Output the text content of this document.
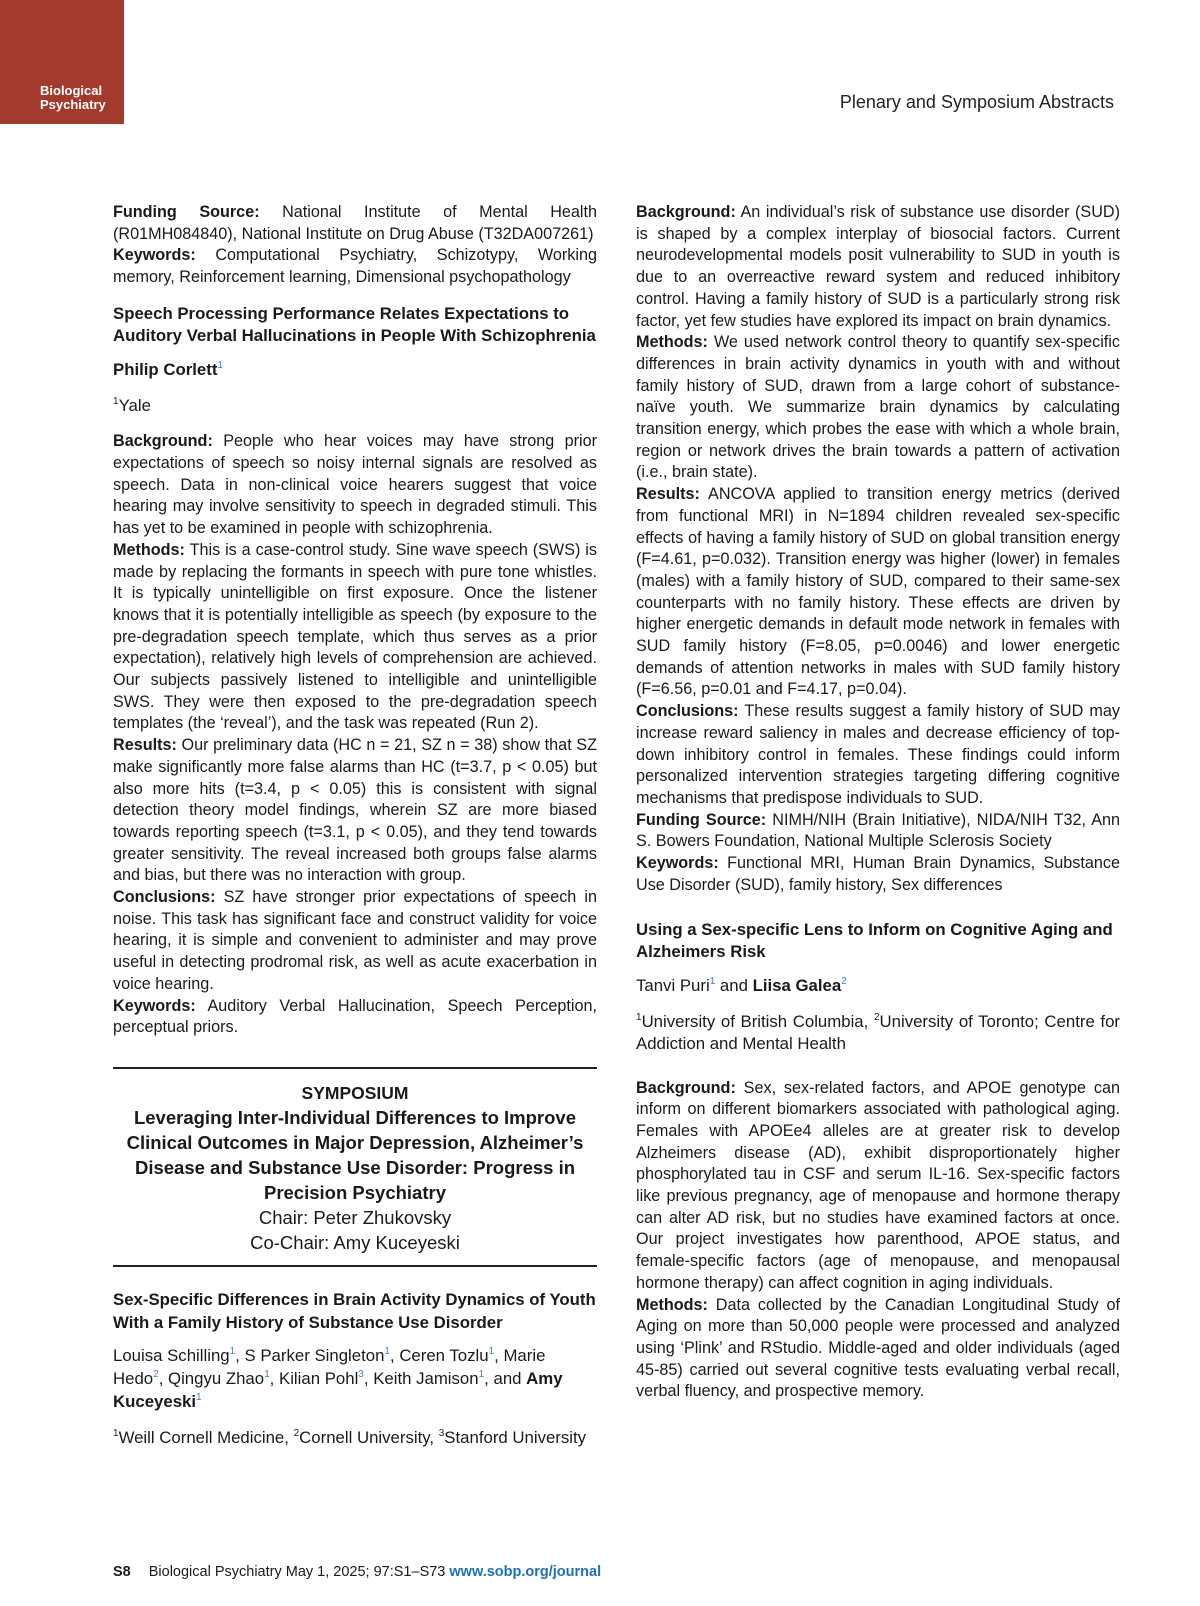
Biological Psychiatry	Plenary and Symposium Abstracts

Funding Source: National Institute of Mental Health (R01MH084840), National Institute on Drug Abuse (T32DA007261)

Keywords: Computational Psychiatry, Schizotypy, Working memory, Reinforcement learning, Dimensional psychopathology

Speech Processing Performance Relates Expectations to Auditory Verbal Hallucinations in People With Schizophrenia

Philip Corlett$^1$

$^1$Yale

Background: People who hear voices may have strong prior expectations of speech so noisy internal signals are resolved as speech. Data in non-clinical voice hearers suggest that voice hearing may involve sensitivity to speech in degraded stimuli. This has yet to be examined in people with schizophrenia.

Methods: This is a case-control study. Sine wave speech (SWS) is made by replacing the formants in speech with pure tone whistles. It is typically unintelligible on first exposure. Once the listener knows that it is potentially intelligible as speech (by exposure to the pre-degradation speech template, which thus serves as a prior expectation), relatively high levels of comprehension are achieved. Our subjects passively listened to intelligible and unintelligible SWS. They were then exposed to the pre-degradation speech templates (the ‘reveal’), and the task was repeated (Run 2).

Results: Our preliminary data (HC n = 21, SZ n = 38) show that SZ make significantly more false alarms than HC (t=3.7, p < 0.05) but also more hits (t=3.4, p < 0.05) this is consistent with signal detection theory model findings, wherein SZ are more biased towards reporting speech (t=3.1, p < 0.05), and they tend towards greater sensitivity. The reveal increased both groups false alarms and bias, but there was no interaction with group.

Conclusions: SZ have stronger prior expectations of speech in noise. This task has significant face and construct validity for voice hearing, it is simple and convenient to administer and may prove useful in detecting prodromal risk, as well as acute exacerbation in voice hearing.

Keywords: Auditory Verbal Hallucination, Speech Perception, perceptual priors.

SYMPOSIUM
Leveraging Inter-Individual Differences to Improve Clinical Outcomes in Major Depression, Alzheimer’s Disease and Substance Use Disorder: Progress in Precision Psychiatry
Chair: Peter Zhukovsky
Co-Chair: Amy Kuceyeski

Sex-Specific Differences in Brain Activity Dynamics of Youth With a Family History of Substance Use Disorder

Louisa Schilling$^1$, S Parker Singleton$^1$, Ceren Tozlu$^1$, Marie Hedo$^2$, Qingyu Zhao$^1$, Kilian Pohl$^3$, Keith Jamison$^1$, and Amy Kuceyeski$^1$

$^1$Weill Cornell Medicine, $^2$Cornell University, $^3$Stanford University

Background: An individual’s risk of substance use disorder (SUD) is shaped by a complex interplay of biosocial factors. Current neurodevelopmental models posit vulnerability to SUD in youth is due to an overreactive reward system and reduced inhibitory control. Having a family history of SUD is a particularly strong risk factor, yet few studies have explored its impact on brain dynamics.

Methods: We used network control theory to quantify sex-specific differences in brain activity dynamics in youth with and without family history of SUD, drawn from a large cohort of substance-naïve youth. We summarize brain dynamics by calculating transition energy, which probes the ease with which a whole brain, region or network drives the brain towards a pattern of activation (i.e., brain state).

Results: ANCOVA applied to transition energy metrics (derived from functional MRI) in N=1894 children revealed sex-specific effects of having a family history of SUD on global transition energy (F=4.61, p=0.032). Transition energy was higher (lower) in females (males) with a family history of SUD, compared to their same-sex counterparts with no family history. These effects are driven by higher energetic demands in default mode network in females with SUD family history (F=8.05, p=0.0046) and lower energetic demands of attention networks in males with SUD family history (F=6.56, p=0.01 and F=4.17, p=0.04).

Conclusions: These results suggest a family history of SUD may increase reward saliency in males and decrease efficiency of top-down inhibitory control in females. These findings could inform personalized intervention strategies targeting differing cognitive mechanisms that predispose individuals to SUD.

Funding Source: NIMH/NIH (Brain Initiative), NIDA/NIH T32, Ann S. Bowers Foundation, National Multiple Sclerosis Society

Keywords: Functional MRI, Human Brain Dynamics, Substance Use Disorder (SUD), family history, Sex differences

Using a Sex-specific Lens to Inform on Cognitive Aging and Alzheimers Risk

Tanvi Puri$^1$ and Liisa Galea$^2$

$^1$University of British Columbia, $^2$University of Toronto; Centre for Addiction and Mental Health

Background: Sex, sex-related factors, and APOE genotype can inform on different biomarkers associated with pathological aging. Females with APOEe4 alleles are at greater risk to develop Alzheimers disease (AD), exhibit disproportionately higher phosphorylated tau in CSF and serum IL-16. Sex-specific factors like previous pregnancy, age of menopause and hormone therapy can alter AD risk, but no studies have examined factors at once. Our project investigates how parenthood, APOE status, and female-specific factors (age of menopause, and menopausal hormone therapy) can affect cognition in aging individuals.

Methods: Data collected by the Canadian Longitudinal Study of Aging on more than 50,000 people were processed and analyzed using ‘Plink’ and RStudio. Middle-aged and older individuals (aged 45-85) carried out several cognitive tests evaluating verbal recall, verbal fluency, and prospective memory.

S8 Biological Psychiatry May 1, 2025; 97:S1–S73 www.sobp.org/journal
